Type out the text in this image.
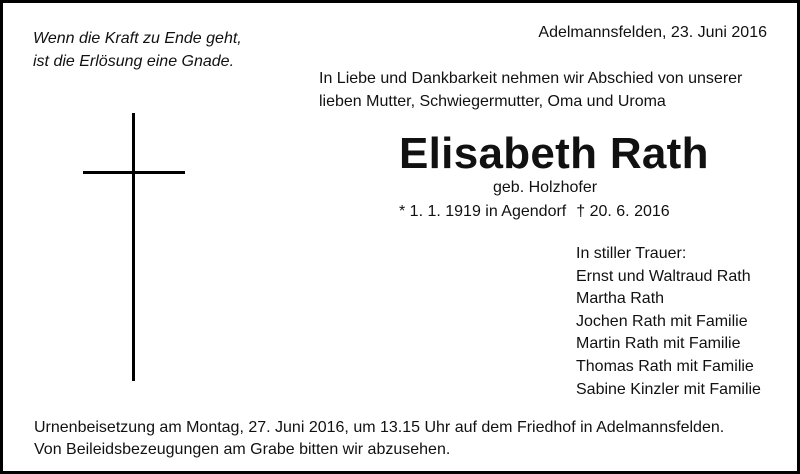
Wenn die Kraft zu Ende geht,
ist die Erlösung eine Gnade.
Adelmannsfelden, 23. Juni 2016
In Liebe und Dankbarkeit nehmen wir Abschied von unserer
lieben Mutter, Schwiegermutter, Oma und Uroma
Elisabeth Rath
geb. Holzhofer
* 1. 1. 1919 in Agendorf † 20. 6. 2016
In stiller Trauer:
Ernst und Waltraud Rath
Martha Rath
Jochen Rath mit Familie
Martin Rath mit Familie
Thomas Rath mit Familie
Sabine Kinzler mit Familie
Urnenbeisetzung am Montag, 27. Juni 2016, um 13.15 Uhr auf dem Friedhof in Adelmannsfelden.
Von Beileidsbezeugungen am Grabe bitten wir abzusehen.
